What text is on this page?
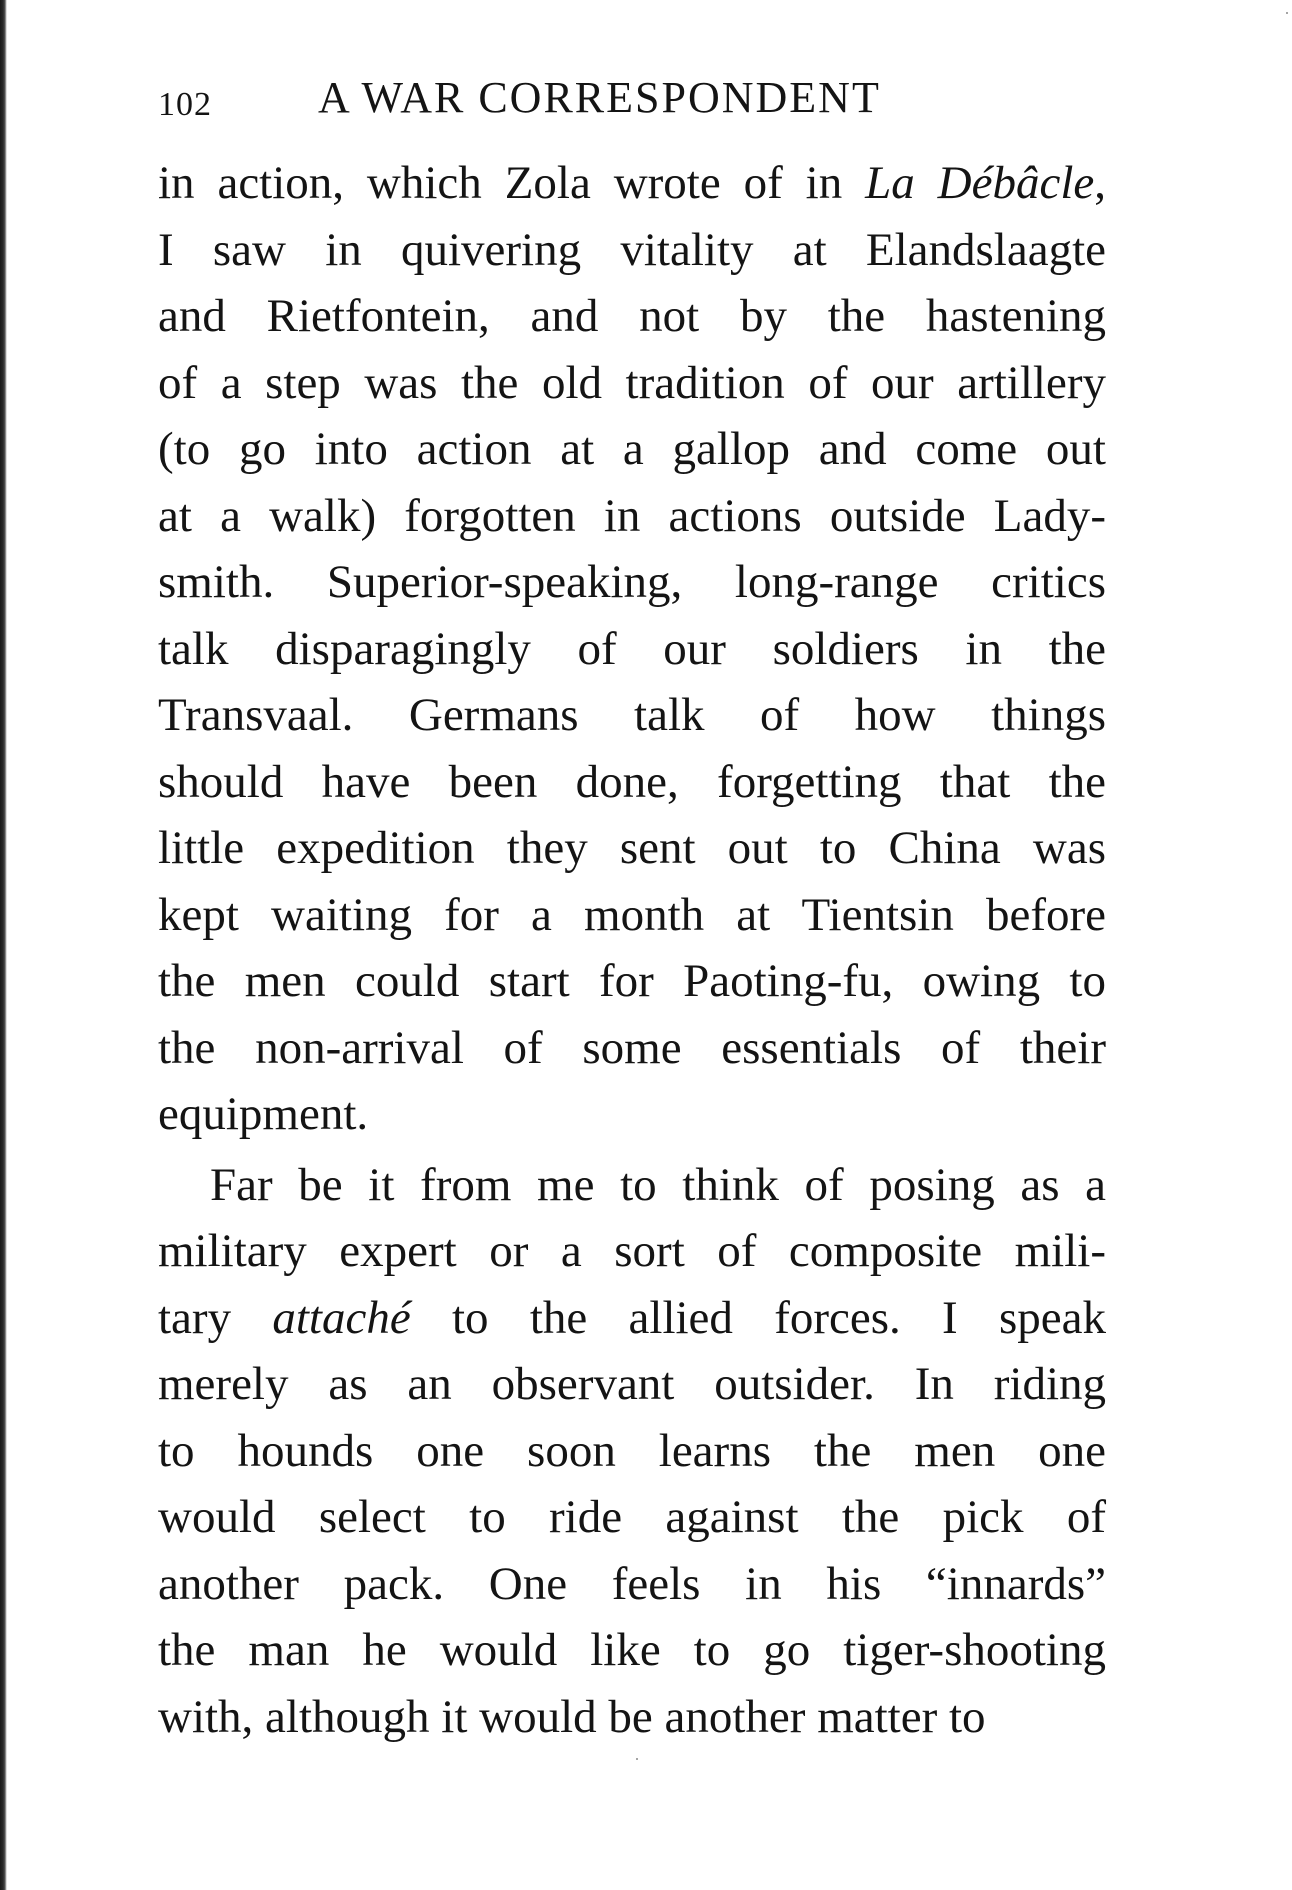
102 A WAR CORRESPONDENT
in action, which Zola wrote of in La Débâcle,
I saw in quivering vitality at Elandslaagte
and Rietfontein, and not by the hastening
of a step was the old tradition of our artillery
(to go into action at a gallop and come out
at a walk) forgotten in actions outside Lady-
smith. Superior-speaking, long-range critics
talk disparagingly of our soldiers in the
Transvaal. Germans talk of how things
should have been done, forgetting that the
little expedition they sent out to China was
kept waiting for a month at Tientsin before
the men could start for Paoting-fu, owing to
the non-arrival of some essentials of their
equipment.
Far be it from me to think of posing as a
military expert or a sort of composite mili-
tary attaché to the allied forces. I speak
merely as an observant outsider. In riding
to hounds one soon learns the men one
would select to ride against the pick of
another pack. One feels in his “innards”
the man he would like to go tiger-shooting
with, although it would be another matter to
